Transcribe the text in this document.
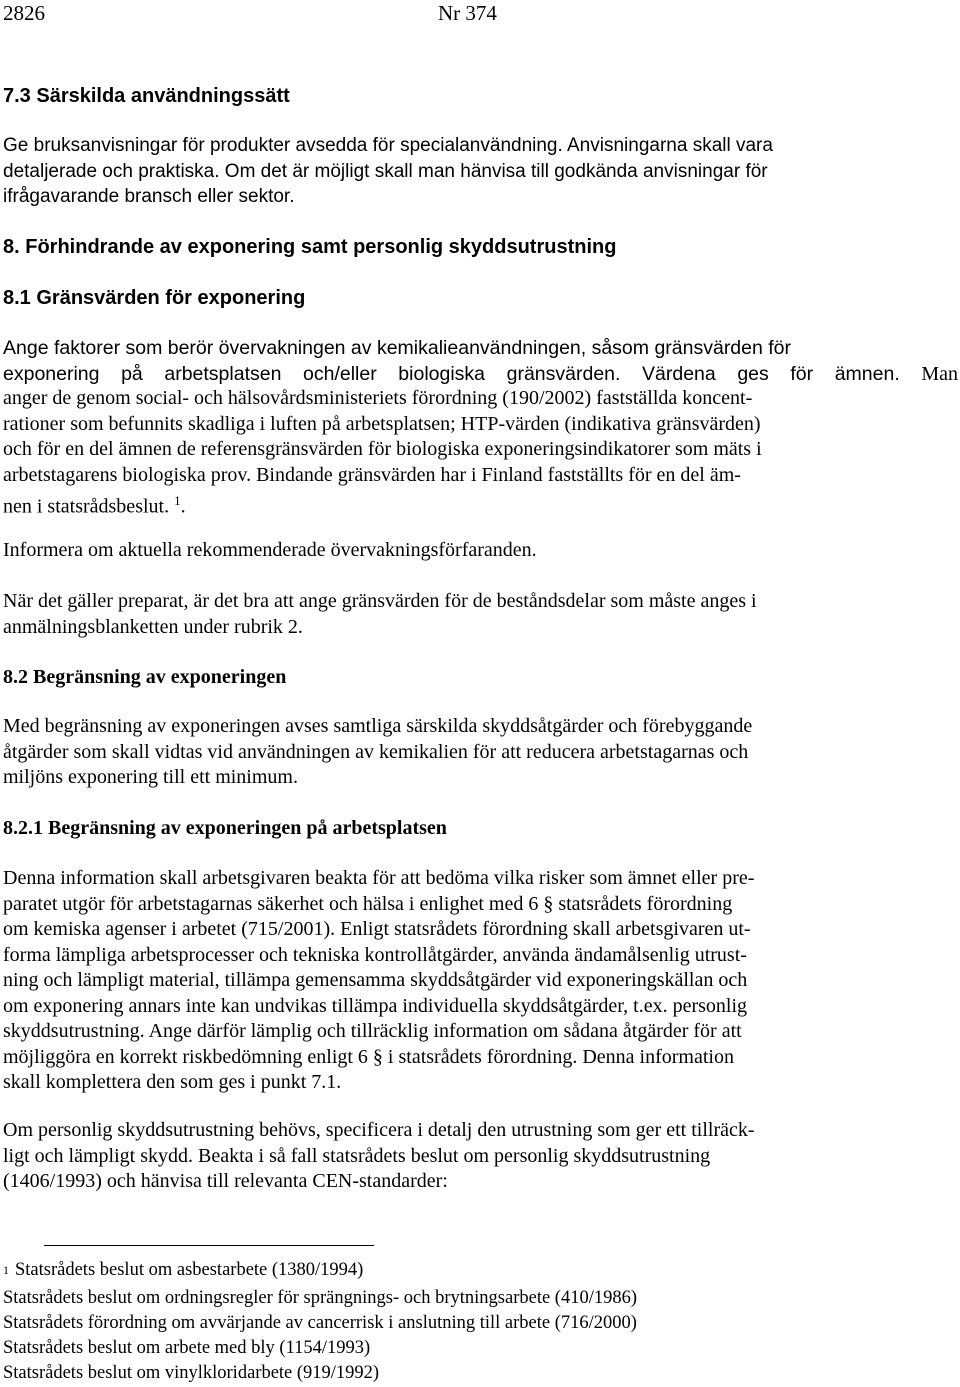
2826	Nr 374

7.3 Särskilda användningssätt

Ge bruksanvisningar för produkter avsedda för specialanvändning. Anvisningarna skall vara
detaljerade och praktiska. Om det är möjligt skall man hänvisa till godkända anvisningar för
ifrågavarande bransch eller sektor.

8. Förhindrande av exponering samt personlig skyddsutrustning

8.1 Gränsvärden för exponering

Ange faktorer som berör övervakningen av kemikalieanvändningen, såsom gränsvärden för
exponering på arbetsplatsen och/eller biologiska gränsvärden. Värdena ges för ämnen. Man

anger de genom social- och hälsovårdsministeriets förordning (190/2002) fastställda koncent-
rationer som befunnits skadliga i luften på arbetsplatsen; HTP-värden (indikativa gränsvärden)
och för en del ämnen de referensgränsvärden för biologiska exponeringsindikatorer som mäts i
arbetstagarens biologiska prov. Bindande gränsvärden har i Finland fastställts för en del äm-
nen i statsrådsbeslut. $^1$.

Informera om aktuella rekommenderade övervakningsförfaranden.

När det gäller preparat, är det bra att ange gränsvärden för de beståndsdelar som måste anges i
anmälningsblanketten under rubrik 2.

8.2 Begränsning av exponeringen

Med begränsning av exponeringen avses samtliga särskilda skyddsåtgärder och förebyggande
åtgärder som skall vidtas vid användningen av kemikalien för att reducera arbetstagarnas och
miljöns exponering till ett minimum.

8.2.1 Begränsning av exponeringen på arbetsplatsen

Denna information skall arbetsgivaren beakta för att bedöma vilka risker som ämnet eller pre-
paratet utgör för arbetstagarnas säkerhet och hälsa i enlighet med 6 § statsrådets förordning
om kemiska agenser i arbetet (715/2001). Enligt statsrådets förordning skall arbetsgivaren ut-
forma lämpliga arbetsprocesser och tekniska kontrollåtgärder, använda ändamålsenlig utrust-
ning och lämpligt material, tillämpa gemensamma skyddsåtgärder vid exponeringskällan och
om exponering annars inte kan undvikas tillämpa individuella skyddsåtgärder, t.ex. personlig
skyddsutrustning. Ange därför lämplig och tillräcklig information om sådana åtgärder för att
möjliggöra en korrekt riskbedömning enligt 6 § i statsrådets förordning. Denna information
skall komplettera den som ges i punkt 7.1.

Om personlig skyddsutrustning behövs, specificera i detalj den utrustning som ger ett tillräck-
ligt och lämpligt skydd. Beakta i så fall statsrådets beslut om personlig skyddsutrustning
(1406/1993) och hänvisa till relevanta CEN-standarder:

$^1$ Statsrådets beslut om asbestarbete (1380/1994)
Statsrådets beslut om ordningsregler för sprängnings- och brytningsarbete (410/1986)
Statsrådets förordning om avvärjande av cancerrisk i anslutning till arbete (716/2000)
Statsrådets beslut om arbete med bly (1154/1993)
Statsrådets beslut om vinylkloridarbete (919/1992)
